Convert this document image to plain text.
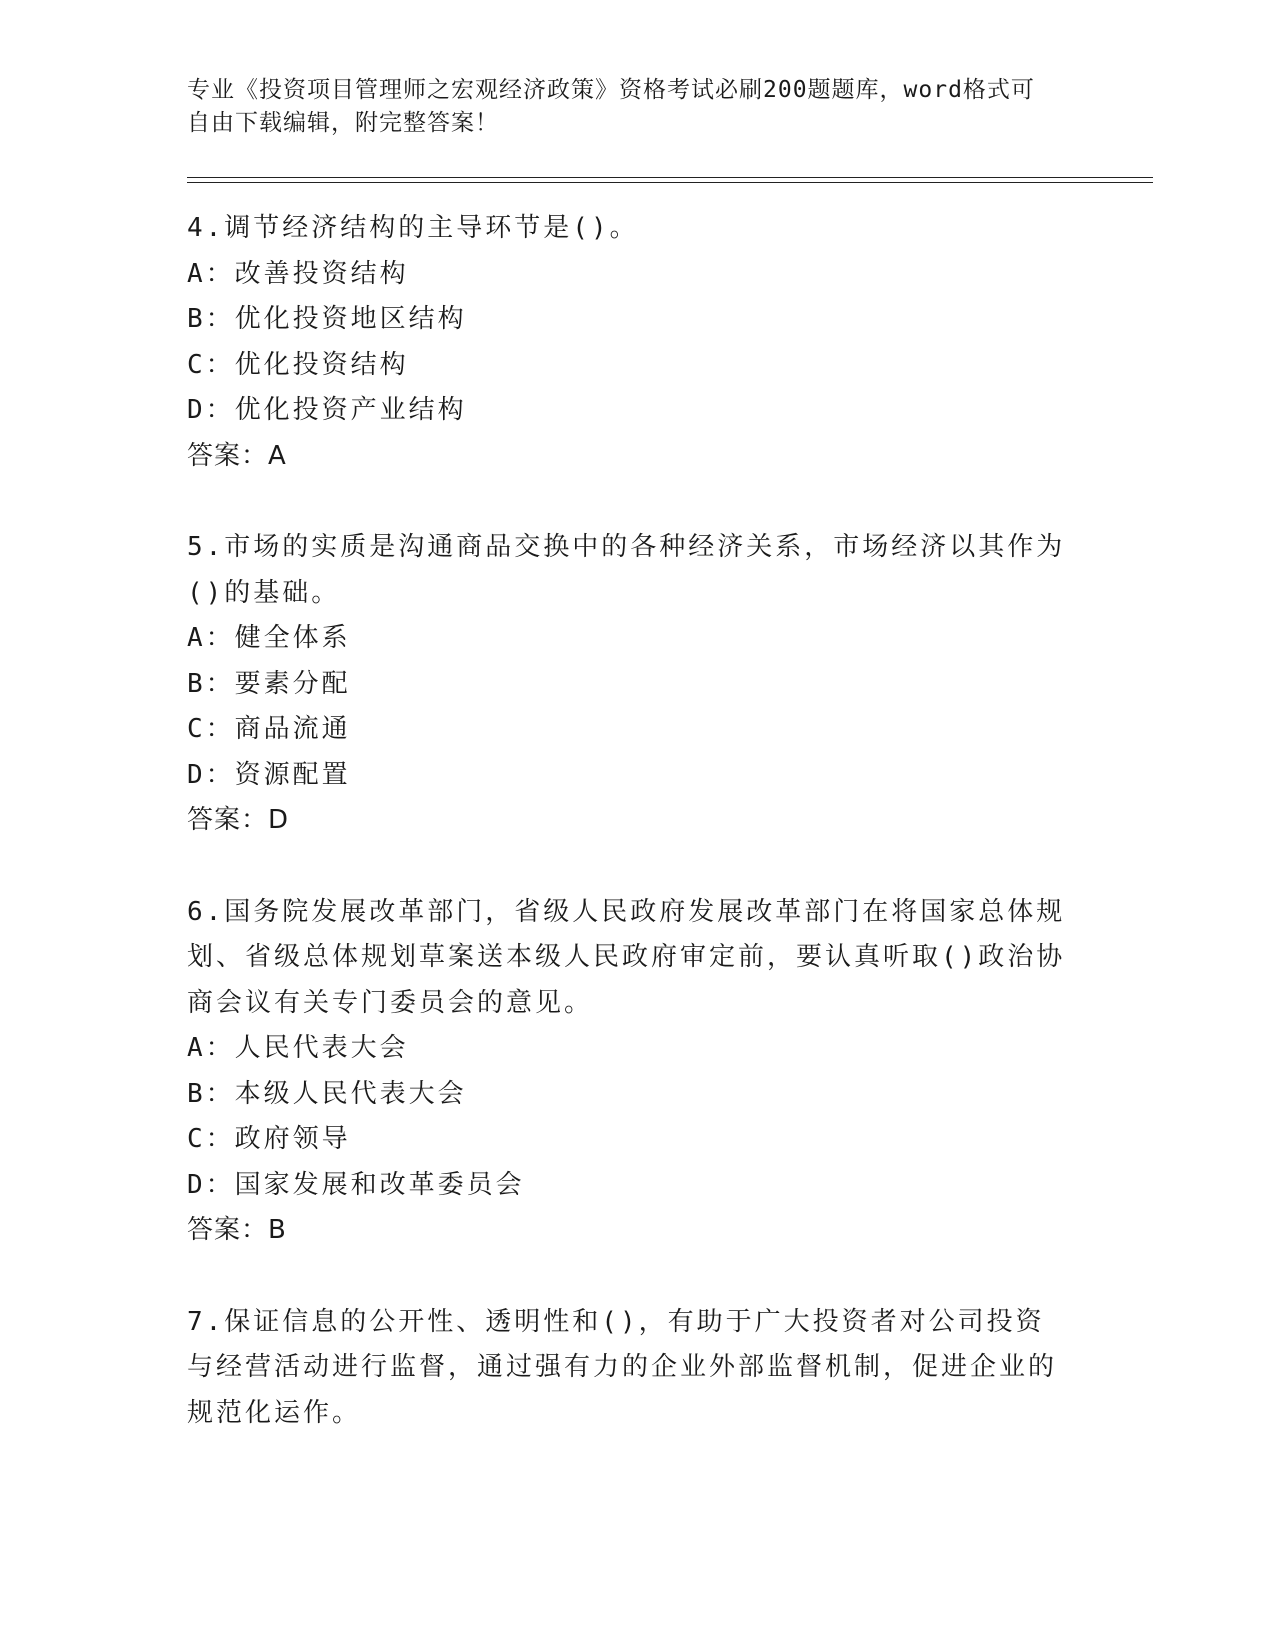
专业《投资项目管理师之宏观经济政策》资格考试必刷200题题库，word格式可
自由下载编辑，附完整答案！
4.调节经济结构的主导环节是()。
A：改善投资结构
B：优化投资地区结构
C：优化投资结构
D：优化投资产业结构
答案：A
5.市场的实质是沟通商品交换中的各种经济关系，市场经济以其作为()的基础。
A：健全体系
B：要素分配
C：商品流通
D：资源配置
答案：D
6.国务院发展改革部门，省级人民政府发展改革部门在将国家总体规划、省级总体规划草案送本级人民政府审定前，要认真听取()政治协商会议有关专门委员会的意见。
A：人民代表大会
B：本级人民代表大会
C：政府领导
D：国家发展和改革委员会
答案：B
7.保证信息的公开性、透明性和()，有助于广大投资者对公司投资与经营活动进行监督，通过强有力的企业外部监督机制，促进企业的规范化运作。
